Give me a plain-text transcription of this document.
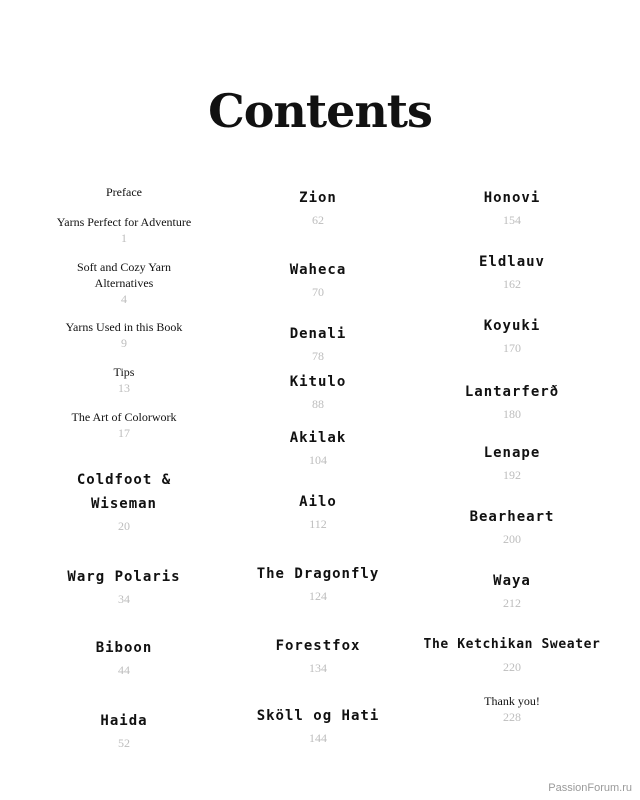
Contents
Preface
Yarns Perfect for Adventure
1
Soft and Cozy Yarn Alternatives
4
Yarns Used in this Book
9
Tips
13
The Art of Colorwork
17
Coldfoot & Wiseman
20
Warg Polaris
34
Biboon
44
Haida
52
Zion
62
Waheca
70
Denali
78
Kitulo
88
Akilak
104
Ailo
112
The Dragonfly
124
Forestfox
134
Sköll og Hati
144
Honovi
154
Eldlauv
162
Koyuki
170
Lantarferð
180
Lenape
192
Bearheart
200
Waya
212
The Ketchikan Sweater
220
Thank you!
228
PassionForum.ru
